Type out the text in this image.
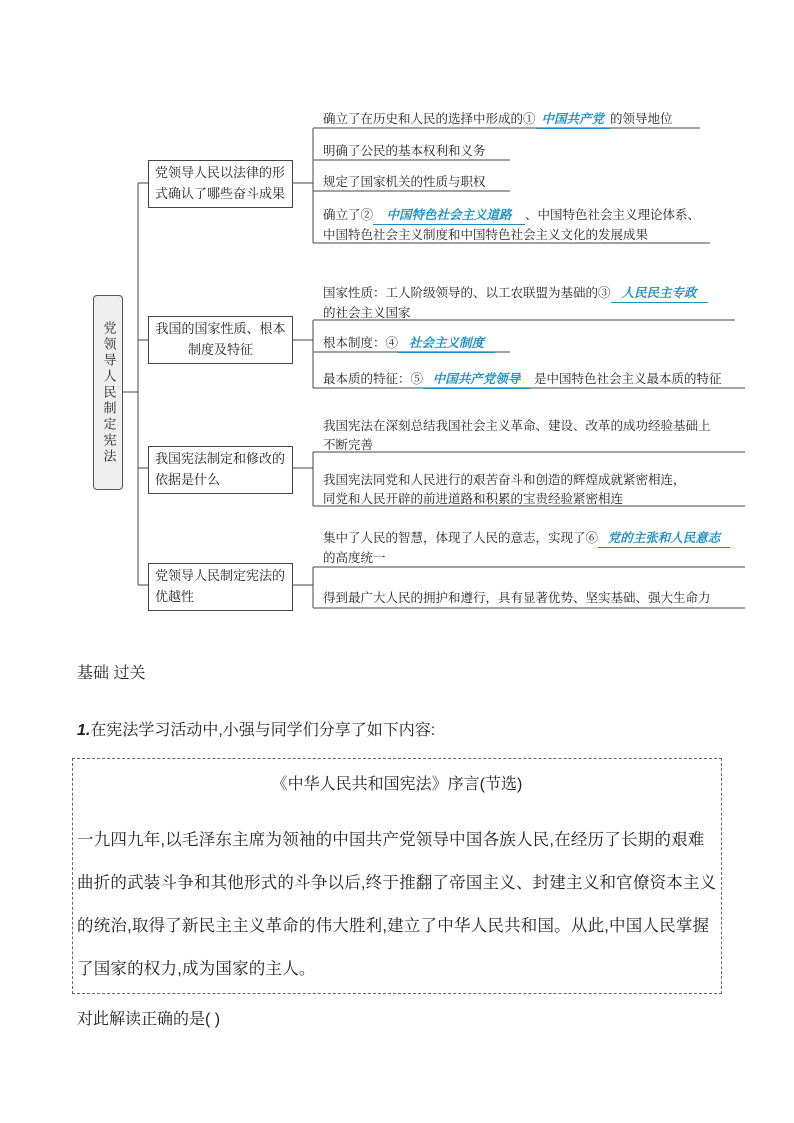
党领导人民制定宪法
党领导人民以法律的形式确认了哪些奋斗成果
我国的国家性质、根本制度及特征
我国宪法制定和修改的依据是什么
党领导人民制定宪法的优越性
确立了在历史和人民的选择中形成的① 中国共产党 的领导地位
明确了公民的基本权利和义务
规定了国家机关的性质与职权
确立了② 中国特色社会主义道路 、中国特色社会主义理论体系、
中国特色社会主义制度和中国特色社会主义文化的发展成果
国家性质：工人阶级领导的、以工农联盟为基础的③ 人民民主专政
的社会主义国家
根本制度：④ 社会主义制度
最本质的特征：⑤ 中国共产党领导 是中国特色社会主义最本质的特征
我国宪法在深刻总结我国社会主义革命、建设、改革的成功经验基础上
不断完善
我国宪法同党和人民进行的艰苦奋斗和创造的辉煌成就紧密相连，
同党和人民开辟的前进道路和积累的宝贵经验紧密相连
集中了人民的智慧，体现了人民的意志，实现了⑥ 党的主张和人民意志
的高度统一
得到最广大人民的拥护和遵行，具有显著优势、坚实基础、强大生命力
基础 过关
1.在宪法学习活动中,小强与同学们分享了如下内容:
《中华人民共和国宪法》序言(节选)
一九四九年,以毛泽东主席为领袖的中国共产党领导中国各族人民,在经历了长期的艰难曲折的武装斗争和其他形式的斗争以后,终于推翻了帝国主义、封建主义和官僚资本主义的统治,取得了新民主主义革命的伟大胜利,建立了中华人民共和国。从此,中国人民掌握了国家的权力,成为国家的主人。
对此解读正确的是( )
